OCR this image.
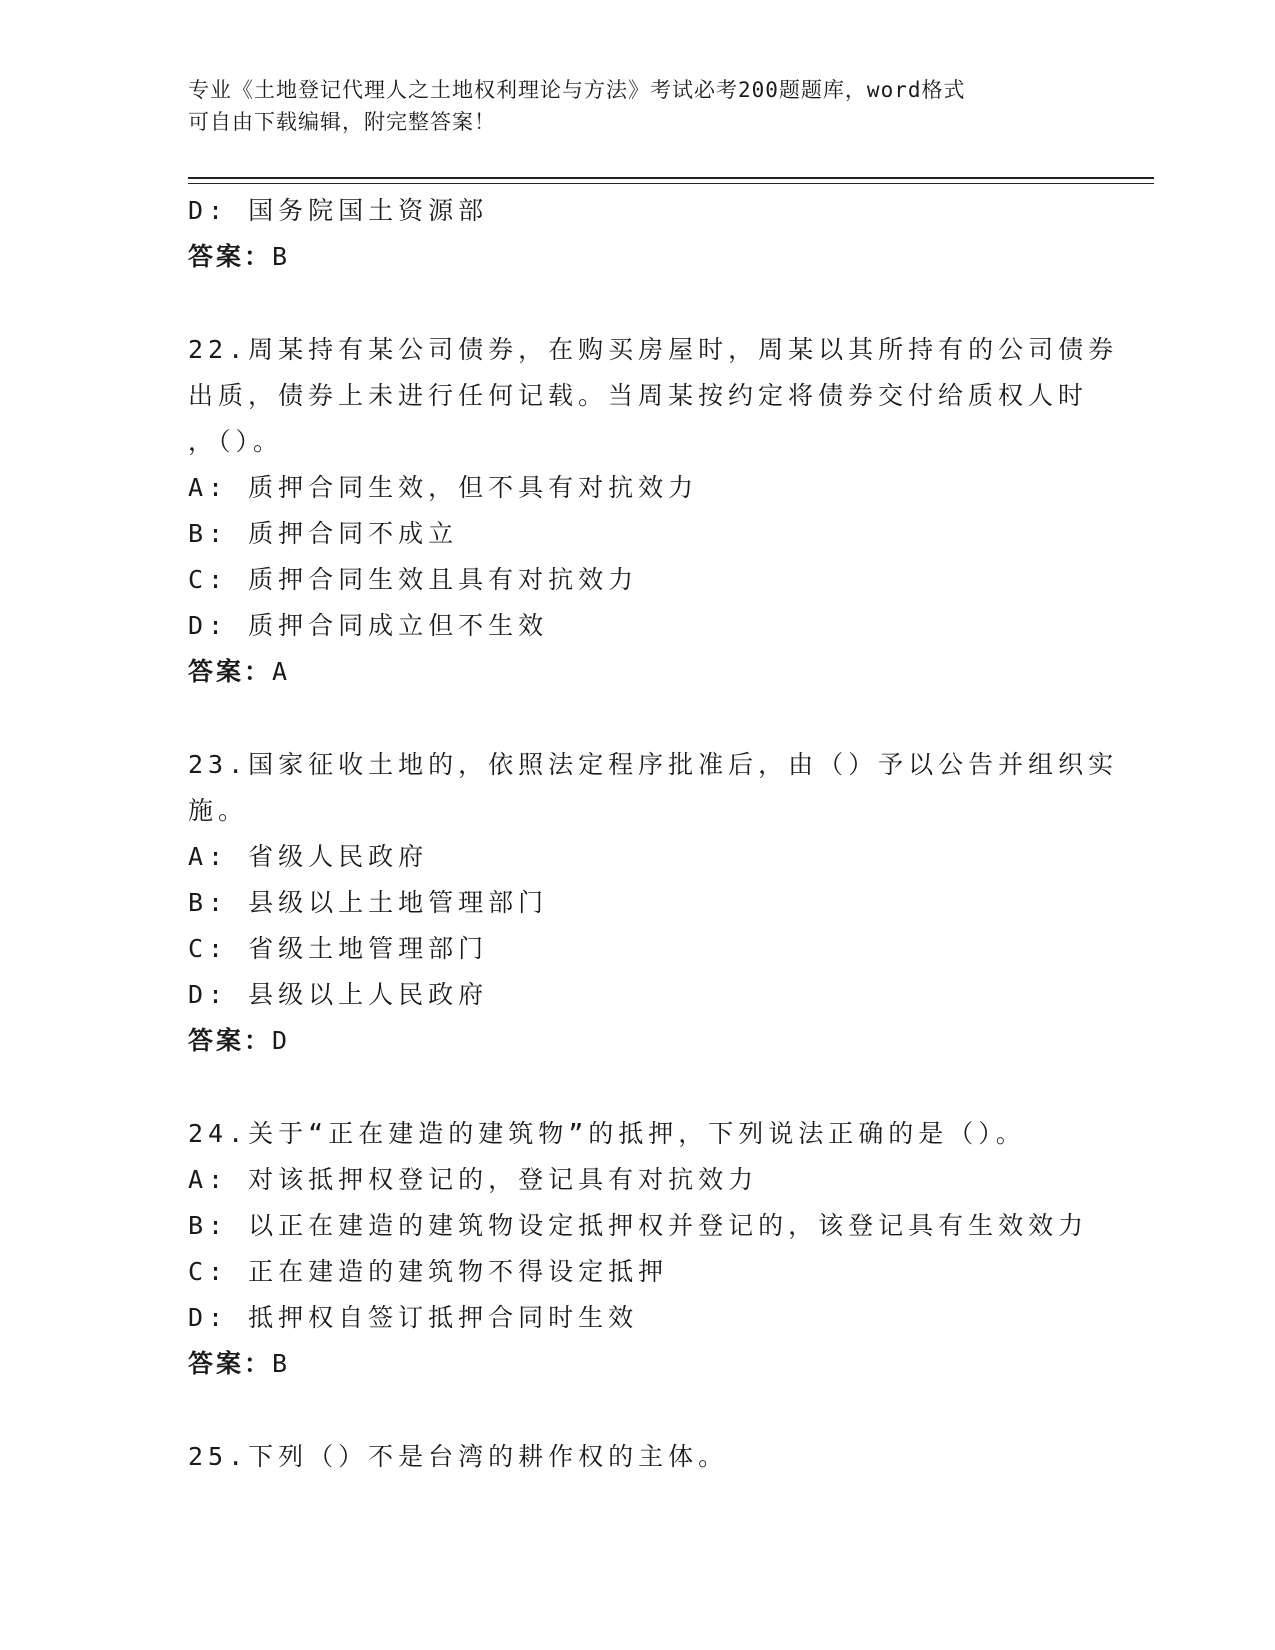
专业《土地登记代理人之土地权利理论与方法》考试必考200题题库，word格式
可自由下载编辑，附完整答案！
D: 国务院国土资源部
答案：B
22.周某持有某公司债券，在购买房屋时，周某以其所持有的公司债券
出质，债券上未进行任何记载。当周某按约定将债券交付给质权人时
，（）。
A: 质押合同生效，但不具有对抗效力
B: 质押合同不成立
C: 质押合同生效且具有对抗效力
D: 质押合同成立但不生效
答案：A
23.国家征收土地的，依照法定程序批准后，由（）予以公告并组织实
施。
A: 省级人民政府
B: 县级以上土地管理部门
C: 省级土地管理部门
D: 县级以上人民政府
答案：D
24.关于“正在建造的建筑物”的抵押，下列说法正确的是（）。
A: 对该抵押权登记的，登记具有对抗效力
B: 以正在建造的建筑物设定抵押权并登记的，该登记具有生效效力
C: 正在建造的建筑物不得设定抵押
D: 抵押权自签订抵押合同时生效
答案：B
25.下列（）不是台湾的耕作权的主体。
